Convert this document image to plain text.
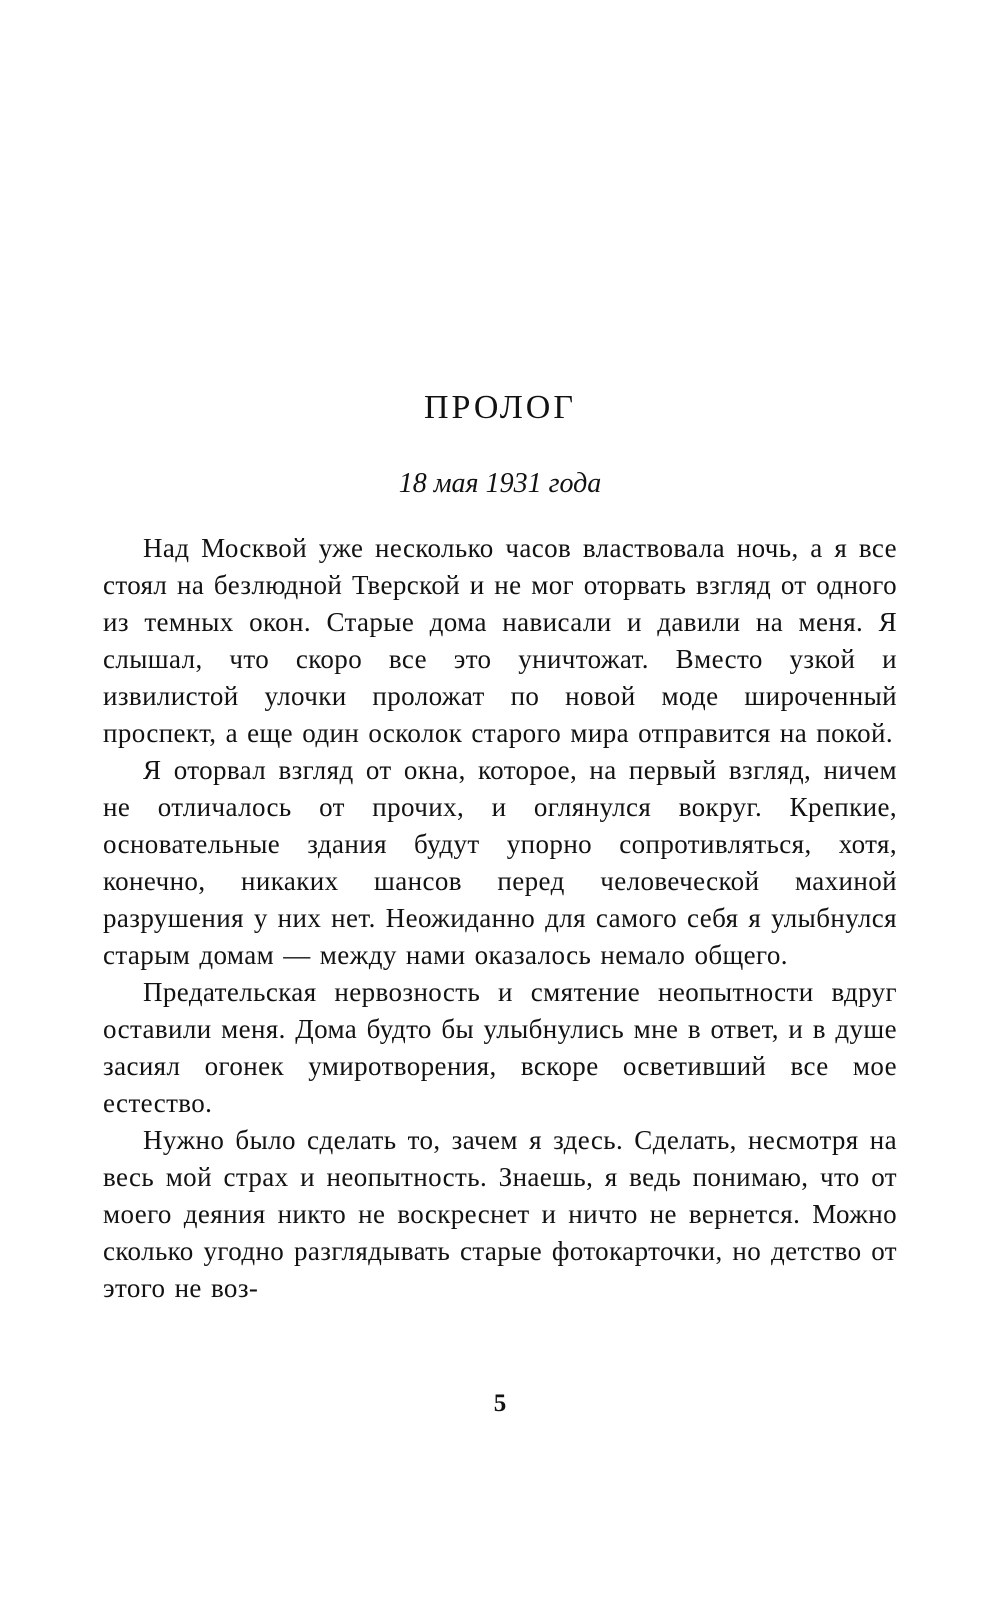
ПРОЛОГ
18 мая 1931 года

Над Москвой уже несколько часов властвовала ночь, а я все стоял на безлюдной Тверской и не мог оторвать взгляд от одного из темных окон. Старые дома нависали и давили на меня. Я слышал, что скоро все это уничтожат. Вместо узкой и извилистой улочки проложат по новой моде широченный проспект, а еще один осколок старого мира отправится на покой.

Я оторвал взгляд от окна, которое, на первый взгляд, ничем не отличалось от прочих, и оглянулся вокруг. Крепкие, основательные здания будут упорно сопротивляться, хотя, конечно, никаких шансов перед человеческой махиной разрушения у них нет. Неожиданно для самого себя я улыбнулся старым домам — между нами оказалось немало общего.

Предательская нервозность и смятение неопытности вдруг оставили меня. Дома будто бы улыбнулись мне в ответ, и в душе засиял огонек умиротворения, вскоре осветивший все мое естество.

Нужно было сделать то, зачем я здесь. Сделать, несмотря на весь мой страх и неопытность. Знаешь, я ведь понимаю, что от моего деяния никто не воскреснет и ничто не вернется. Можно сколько угодно разглядывать старые фотокарточки, но детство от этого не воз-

5
